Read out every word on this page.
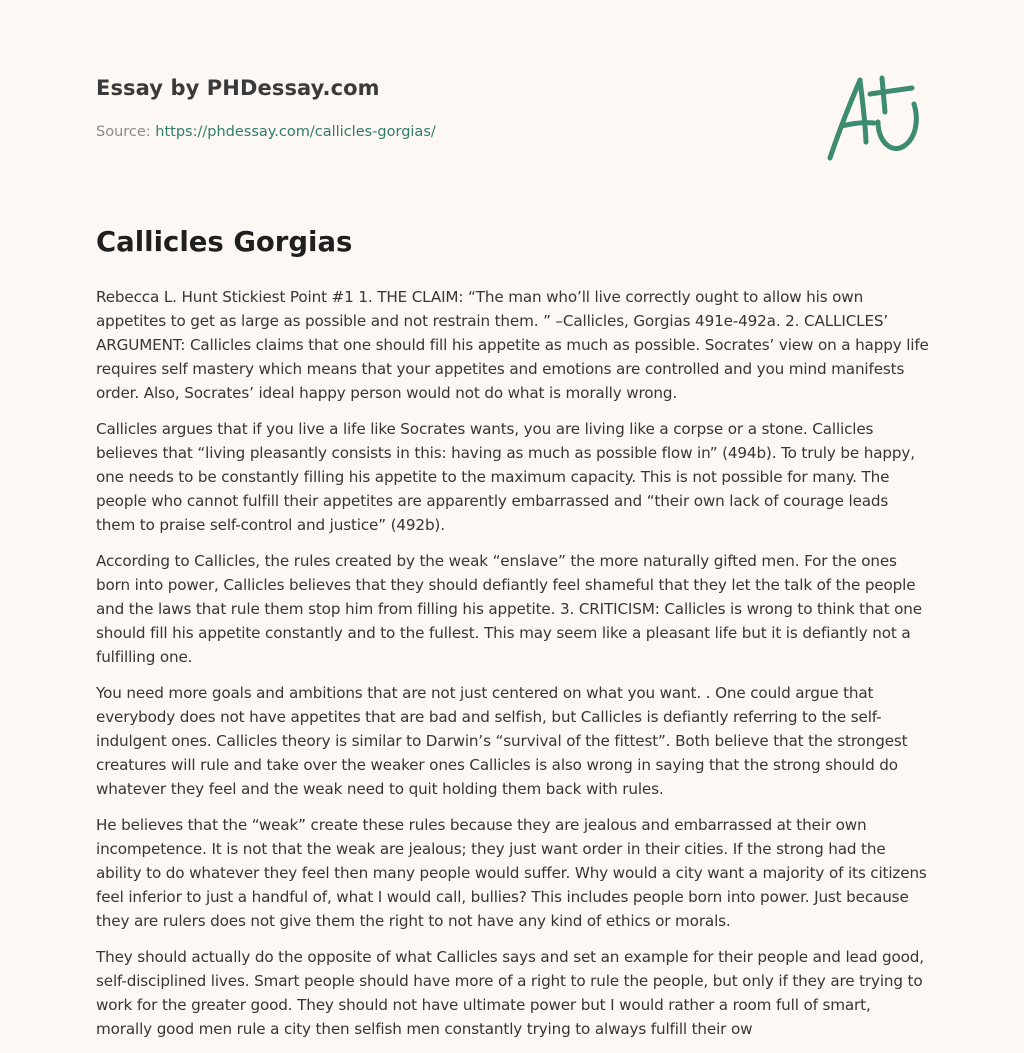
Essay by PHDessay.com
Source: https://phdessay.com/callicles-gorgias/
Callicles Gorgias

Rebecca L. Hunt Stickiest Point #1 1. THE CLAIM: “The man who’ll live correctly ought to allow his own appetites to get as large as possible and not restrain them. ” –Callicles, Gorgias 491e-492a. 2. CALLICLES’ ARGUMENT: Callicles claims that one should fill his appetite as much as possible. Socrates’ view on a happy life requires self mastery which means that your appetites and emotions are controlled and you mind manifests order. Also, Socrates’ ideal happy person would not do what is morally wrong.

Callicles argues that if you live a life like Socrates wants, you are living like a corpse or a stone. Callicles believes that “living pleasantly consists in this: having as much as possible flow in” (494b). To truly be happy, one needs to be constantly filling his appetite to the maximum capacity. This is not possible for many. The people who cannot fulfill their appetites are apparently embarrassed and “their own lack of courage leads them to praise self-control and justice” (492b).

According to Callicles, the rules created by the weak “enslave” the more naturally gifted men. For the ones born into power, Callicles believes that they should defiantly feel shameful that they let the talk of the people and the laws that rule them stop him from filling his appetite. 3. CRITICISM: Callicles is wrong to think that one should fill his appetite constantly and to the fullest. This may seem like a pleasant life but it is defiantly not a fulfilling one.

You need more goals and ambitions that are not just centered on what you want. . One could argue that everybody does not have appetites that are bad and selfish, but Callicles is defiantly referring to the self-indulgent ones. Callicles theory is similar to Darwin’s “survival of the fittest”. Both believe that the strongest creatures will rule and take over the weaker ones Callicles is also wrong in saying that the strong should do whatever they feel and the weak need to quit holding them back with rules.

He believes that the “weak” create these rules because they are jealous and embarrassed at their own incompetence. It is not that the weak are jealous; they just want order in their cities. If the strong had the ability to do whatever they feel then many people would suffer. Why would a city want a majority of its citizens feel inferior to just a handful of, what I would call, bullies? This includes people born into power. Just because they are rulers does not give them the right to not have any kind of ethics or morals.

They should actually do the opposite of what Callicles says and set an example for their people and lead good, self-disciplined lives. Smart people should have more of a right to rule the people, but only if they are trying to work for the greater good. They should not have ultimate power but I would rather a room full of smart, morally good men rule a city then selfish men constantly trying to always fulfill their ow
